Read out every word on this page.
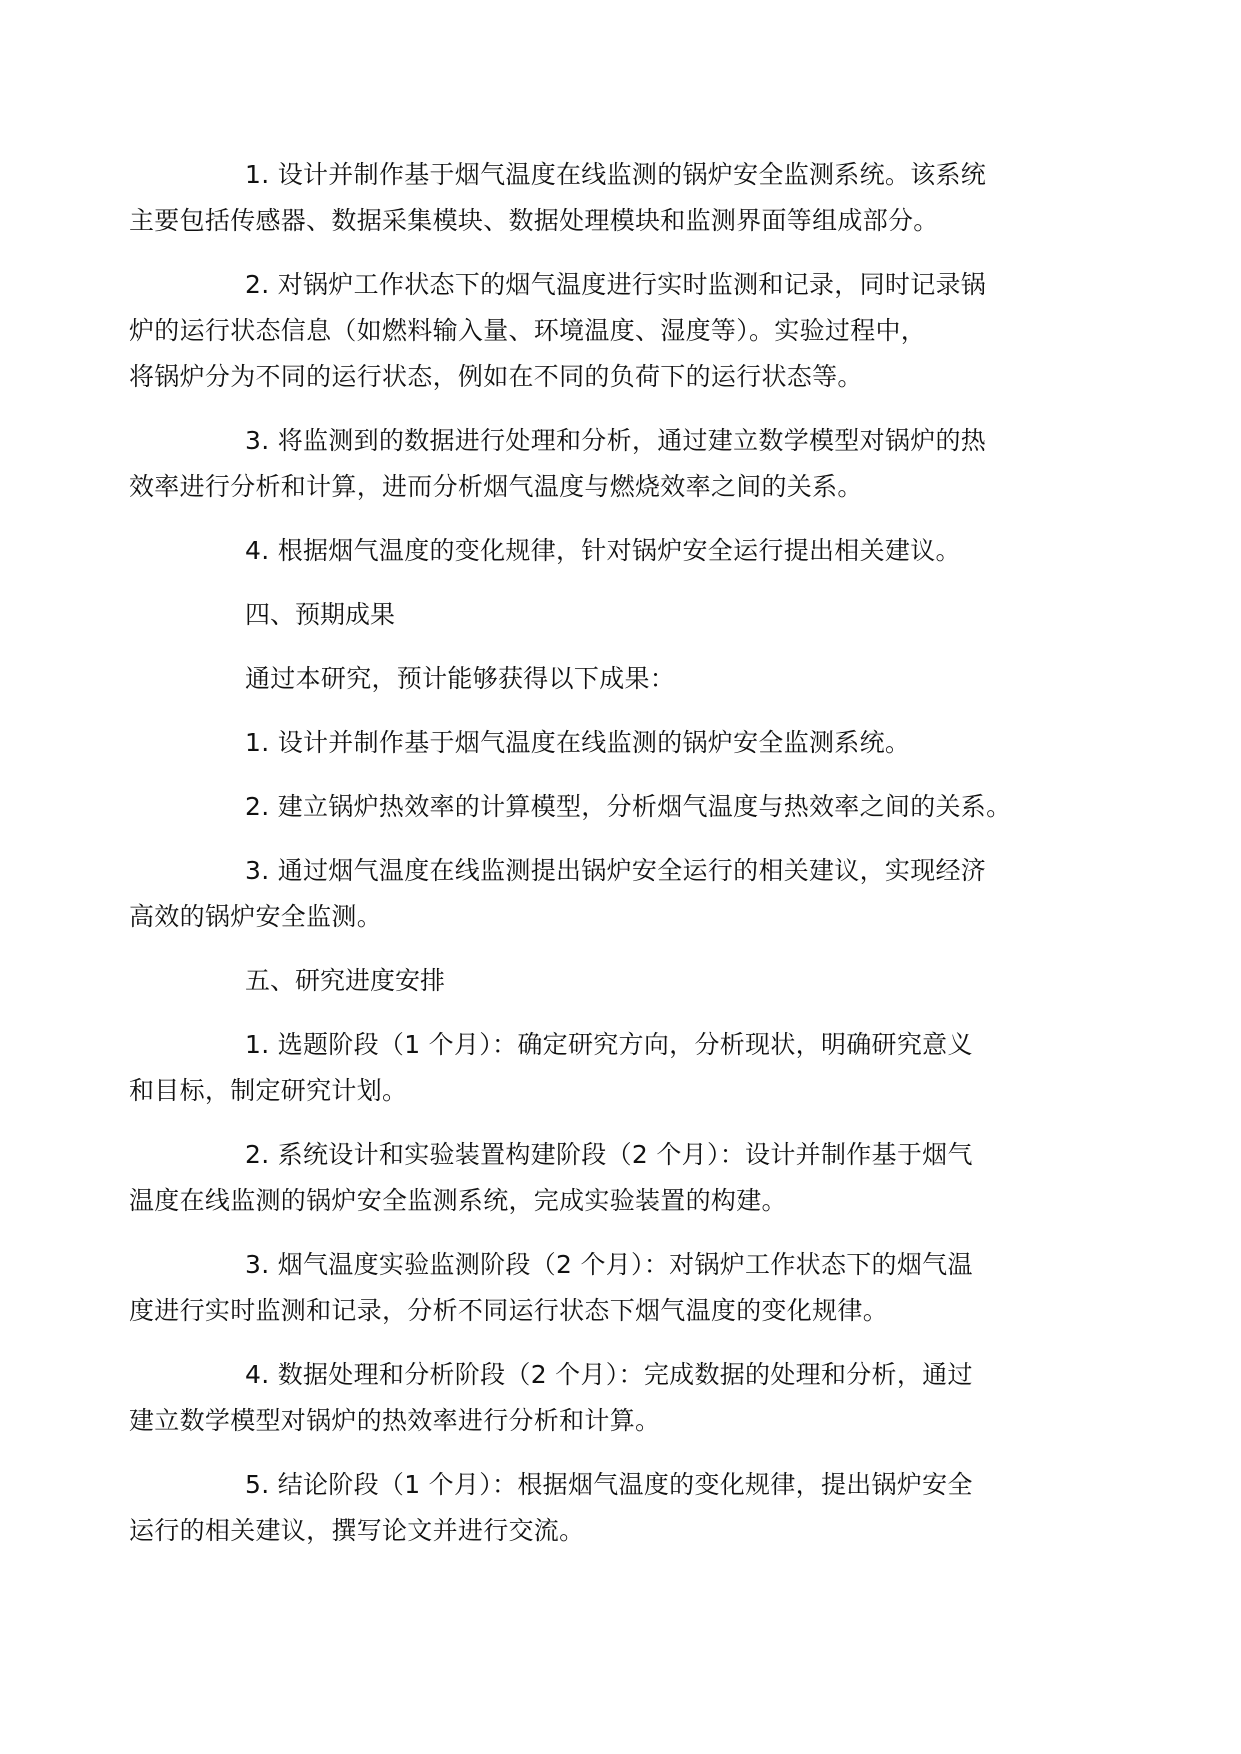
1. 设计并制作基于烟气温度在线监测的锅炉安全监测系统。该系统
主要包括传感器、数据采集模块、数据处理模块和监测界面等组成部分。
2. 对锅炉工作状态下的烟气温度进行实时监测和记录，同时记录锅
炉的运行状态信息（如燃料输入量、环境温度、湿度等）。实验过程中，
将锅炉分为不同的运行状态，例如在不同的负荷下的运行状态等。
3. 将监测到的数据进行处理和分析，通过建立数学模型对锅炉的热
效率进行分析和计算，进而分析烟气温度与燃烧效率之间的关系。
4. 根据烟气温度的变化规律，针对锅炉安全运行提出相关建议。
四、预期成果
通过本研究，预计能够获得以下成果：
1. 设计并制作基于烟气温度在线监测的锅炉安全监测系统。
2. 建立锅炉热效率的计算模型，分析烟气温度与热效率之间的关系。
3. 通过烟气温度在线监测提出锅炉安全运行的相关建议，实现经济
高效的锅炉安全监测。
五、研究进度安排
1. 选题阶段（1 个月）：确定研究方向，分析现状，明确研究意义
和目标，制定研究计划。
2. 系统设计和实验装置构建阶段（2 个月）：设计并制作基于烟气
温度在线监测的锅炉安全监测系统，完成实验装置的构建。
3. 烟气温度实验监测阶段（2 个月）：对锅炉工作状态下的烟气温
度进行实时监测和记录，分析不同运行状态下烟气温度的变化规律。
4. 数据处理和分析阶段（2 个月）：完成数据的处理和分析，通过
建立数学模型对锅炉的热效率进行分析和计算。
5. 结论阶段（1 个月）：根据烟气温度的变化规律，提出锅炉安全
运行的相关建议，撰写论文并进行交流。
